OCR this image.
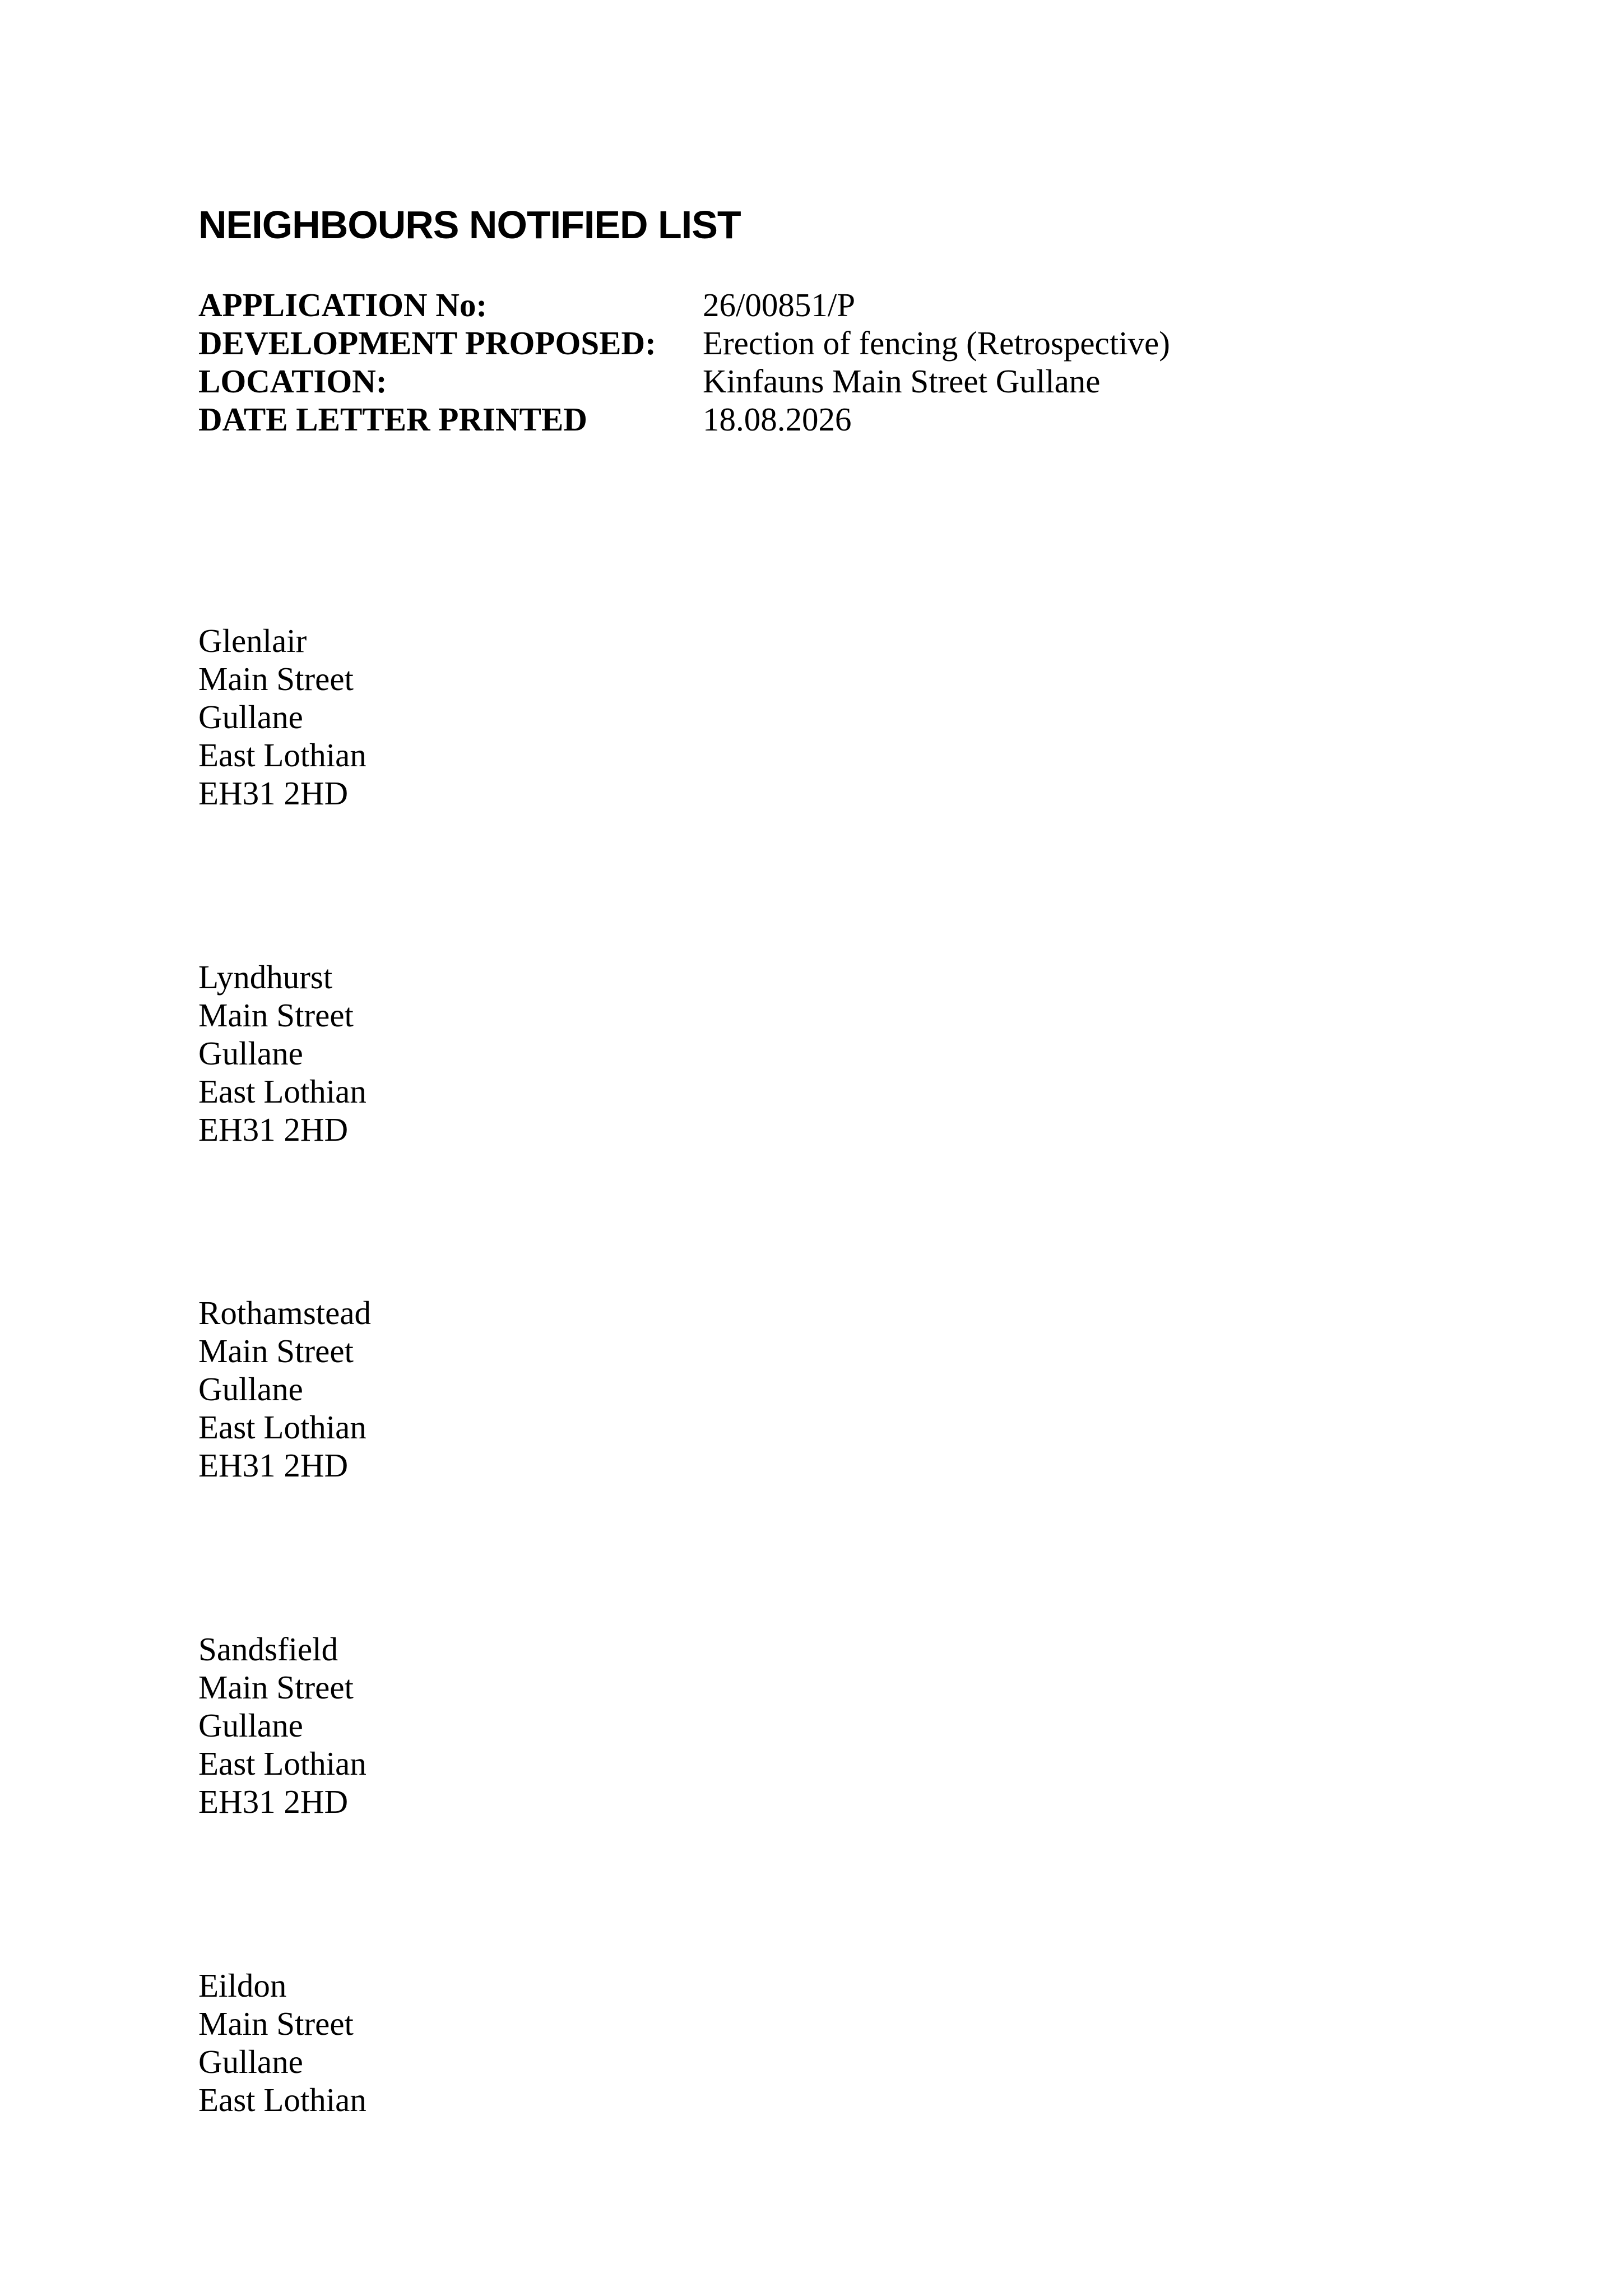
NEIGHBOURS NOTIFIED LIST
APPLICATION No:	26/00851/P
DEVELOPMENT PROPOSED:	Erection of fencing (Retrospective)
LOCATION:	Kinfauns Main Street Gullane
DATE LETTER PRINTED	18.08.2026
Glenlair
Main Street
Gullane
East Lothian
EH31 2HD
Lyndhurst
Main Street
Gullane
East Lothian
EH31 2HD
Rothamstead
Main Street
Gullane
East Lothian
EH31 2HD
Sandsfield
Main Street
Gullane
East Lothian
EH31 2HD
Eildon
Main Street
Gullane
East Lothian
